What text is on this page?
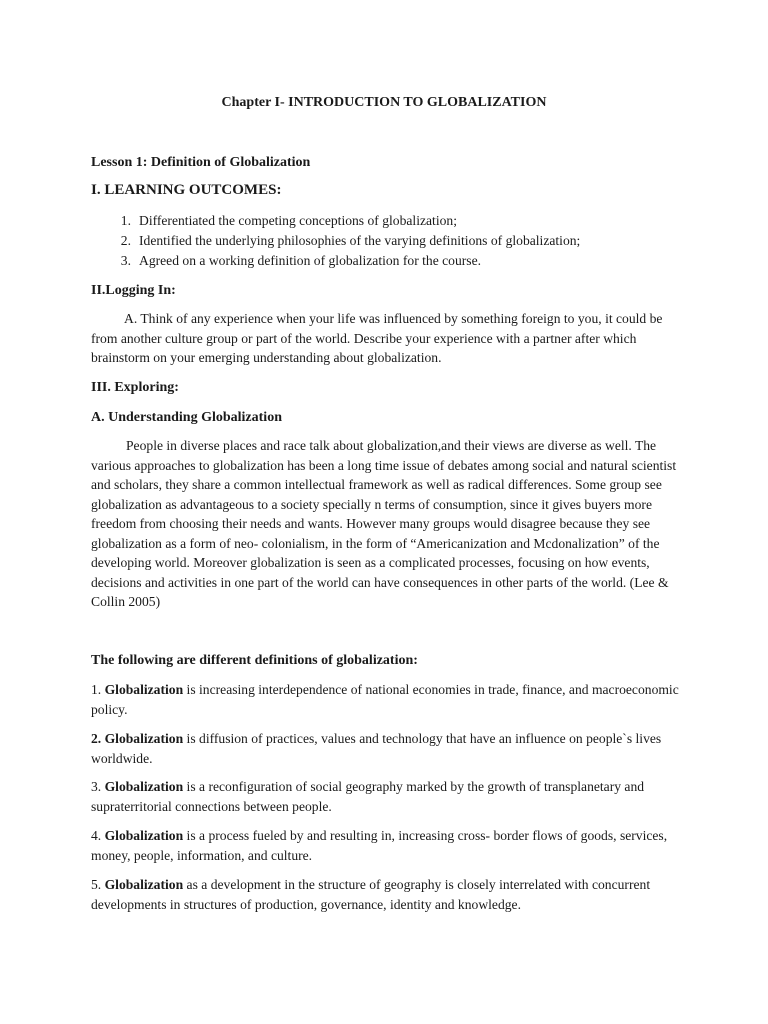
Chapter I- INTRODUCTION TO GLOBALIZATION

Lesson 1: Definition of Globalization

I. LEARNING OUTCOMES:

1. Differentiated the competing conceptions of globalization;
2. Identified the underlying philosophies of the varying definitions of globalization;
3. Agreed on a working definition of globalization for the course.

II.Logging In:

A. Think of any experience when your life was influenced by something foreign to you, it could be from another culture group or part of the world. Describe your experience with a partner after which brainstorm on your emerging understanding about globalization.

III. Exploring:

A. Understanding Globalization

People in diverse places and race talk about globalization,and their views are diverse as well. The various approaches to globalization has been a long time issue of debates among social and natural scientist and scholars, they share a common intellectual framework as well as radical differences. Some group see globalization as advantageous to a society specially n terms of consumption, since it gives buyers more freedom from choosing their needs and wants. However many groups would disagree because they see globalization as a form of neo- colonialism, in the form of “Americanization and Mcdonalization” of the developing world. Moreover globalization is seen as a complicated processes, focusing on how events, decisions and activities in one part of the world can have consequences in other parts of the world. (Lee & Collin 2005)

The following are different definitions of globalization:

1. Globalization is increasing interdependence of national economies in trade, finance, and macroeconomic policy.

2. Globalization is diffusion of practices, values and technology that have an influence on people`s lives worldwide.

3. Globalization is a reconfiguration of social geography marked by the growth of transplanetary and supraterritorial connections between people.

4. Globalization is a process fueled by and resulting in, increasing cross- border flows of goods, services, money, people, information, and culture.

5. Globalization as a development in the structure of geography is closely interrelated with concurrent developments in structures of production, governance, identity and knowledge.
